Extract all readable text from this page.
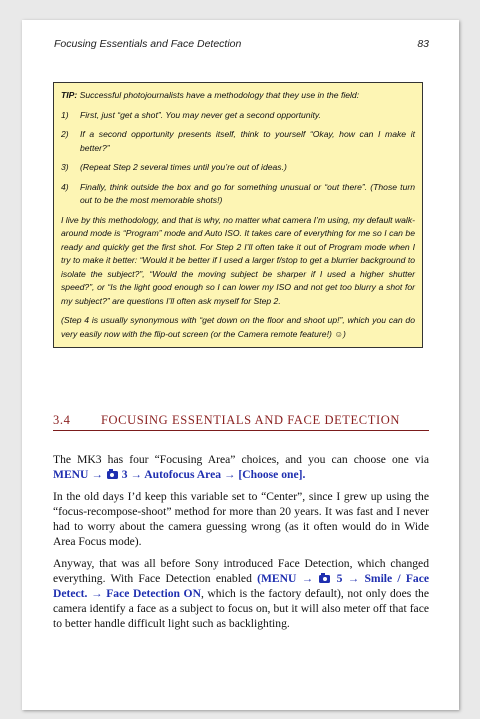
Focusing Essentials and Face Detection	83

TIP: Successful photojournalists have a methodology that they use in the field:

1)	First, just “get a shot”. You may never get a second opportunity.
2)	If a second opportunity presents itself, think to yourself “Okay, how can I make it better?”
3)	(Repeat Step 2 several times until you’re out of ideas.)
4)	Finally, think outside the box and go for something unusual or “out there”. (Those turn out to be the most memorable shots!)

I live by this methodology, and that is why, no matter what camera I’m using, my default walk-around mode is “Program” mode and Auto ISO. It takes care of everything for me so I can be ready and quickly get the first shot. For Step 2 I’ll often take it out of Program mode when I try to make it better: “Would it be better if I used a larger f/stop to get a blurrier background to isolate the subject?”, “Would the moving subject be sharper if I used a higher shutter speed?”, or “Is the light good enough so I can lower my ISO and not get too blurry a shot for my subject?” are questions I’ll often ask myself for Step 2.

(Step 4 is usually synonymous with “get down on the floor and shoot up!”, which you can do very easily now with the flip-out screen (or the Camera remote feature!) ☺)

3.4	FOCUSING ESSENTIALS AND FACE DETECTION

The MK3 has four “Focusing Area” choices, and you can choose one via MENU →  3 → Autofocus Area → [Choose one].

In the old days I’d keep this variable set to “Center”, since I grew up using the “focus-recompose-shoot” method for more than 20 years. It was fast and I never had to worry about the camera guessing wrong (as it often would do in Wide Area Focus mode).

Anyway, that was all before Sony introduced Face Detection, which changed everything. With Face Detection enabled (MENU →  5 → Smile / Face Detect. → Face Detection ON, which is the factory default), not only does the camera identify a face as a subject to focus on, but it will also meter off that face to better handle difficult light such as backlighting.
